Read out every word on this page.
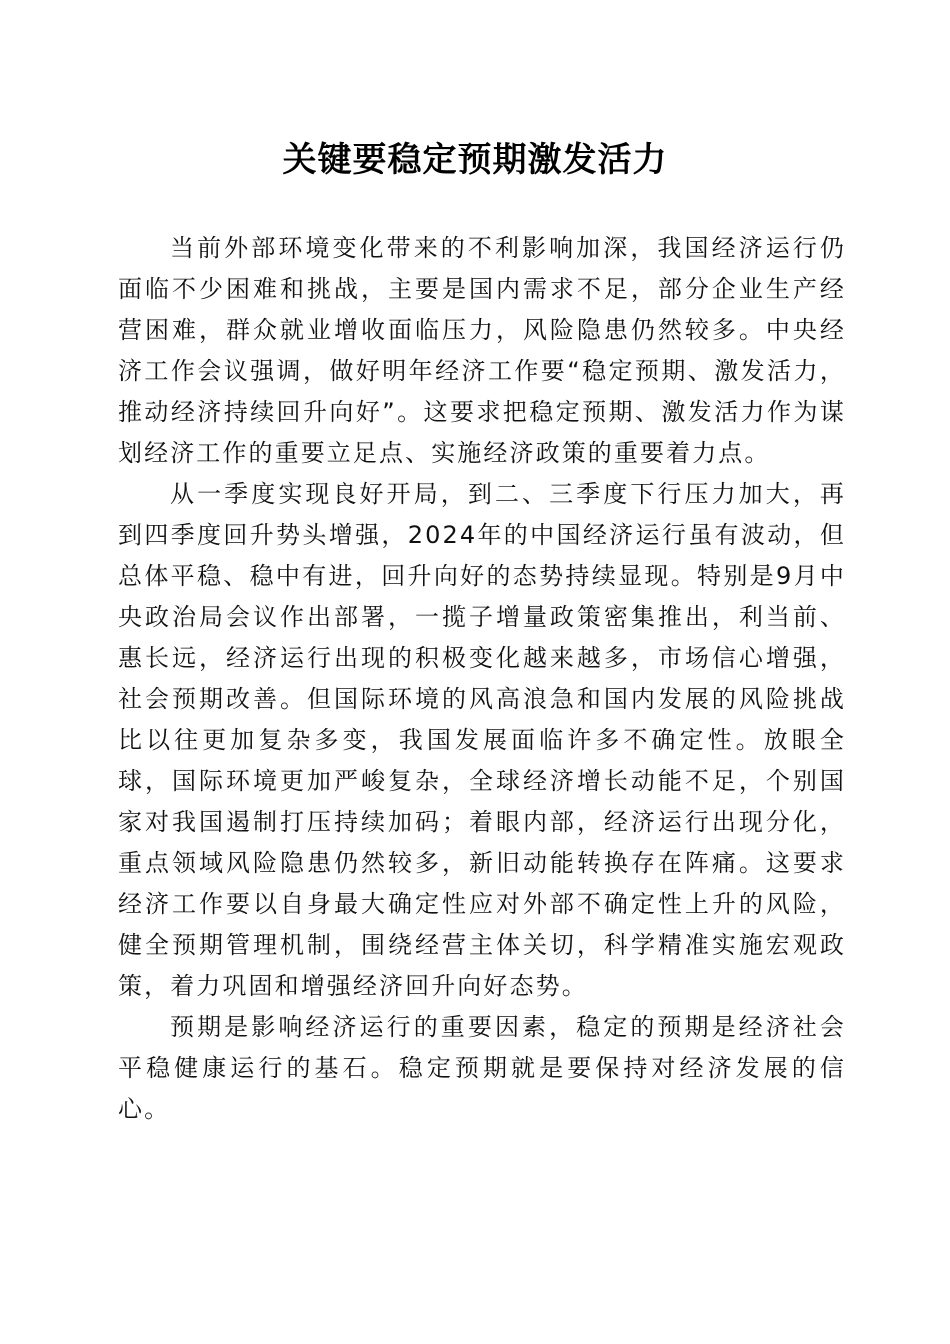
关键要稳定预期激发活力

当前外部环境变化带来的不利影响加深，我国经济运行仍面临不少困难和挑战，主要是国内需求不足，部分企业生产经营困难，群众就业增收面临压力，风险隐患仍然较多。中央经济工作会议强调，做好明年经济工作要“稳定预期、激发活力，推动经济持续回升向好”。这要求把稳定预期、激发活力作为谋划经济工作的重要立足点、实施经济政策的重要着力点。

从一季度实现良好开局，到二、三季度下行压力加大，再到四季度回升势头增强，2024年的中国经济运行虽有波动，但总体平稳、稳中有进，回升向好的态势持续显现。特别是9月中央政治局会议作出部署，一揽子增量政策密集推出，利当前、惠长远，经济运行出现的积极变化越来越多，市场信心增强，社会预期改善。但国际环境的风高浪急和国内发展的风险挑战比以往更加复杂多变，我国发展面临许多不确定性。放眼全球，国际环境更加严峻复杂，全球经济增长动能不足，个别国家对我国遏制打压持续加码；着眼内部，经济运行出现分化，重点领域风险隐患仍然较多，新旧动能转换存在阵痛。这要求经济工作要以自身最大确定性应对外部不确定性上升的风险，健全预期管理机制，围绕经营主体关切，科学精准实施宏观政策，着力巩固和增强经济回升向好态势。

预期是影响经济运行的重要因素，稳定的预期是经济社会平稳健康运行的基石。稳定预期就是要保持对经济发展的信心。
